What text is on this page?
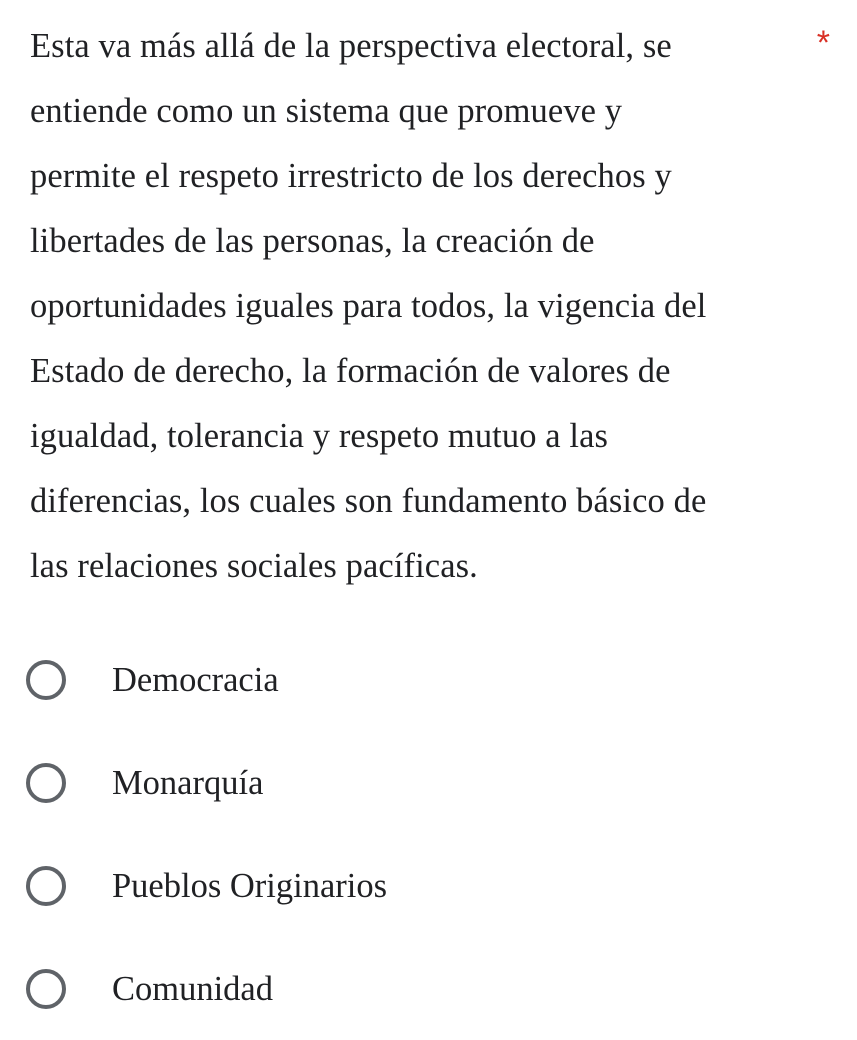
Esta va más allá de la perspectiva electoral, se
entiende como un sistema que promueve y
permite el respeto irrestricto de los derechos y
libertades de las personas, la creación de
oportunidades iguales para todos, la vigencia del
Estado de derecho, la formación de valores de
igualdad, tolerancia y respeto mutuo a las
diferencias, los cuales son fundamento básico de
las relaciones sociales pacíficas.

*
Democracia
Monarquía
Pueblos Originarios
Comunidad
